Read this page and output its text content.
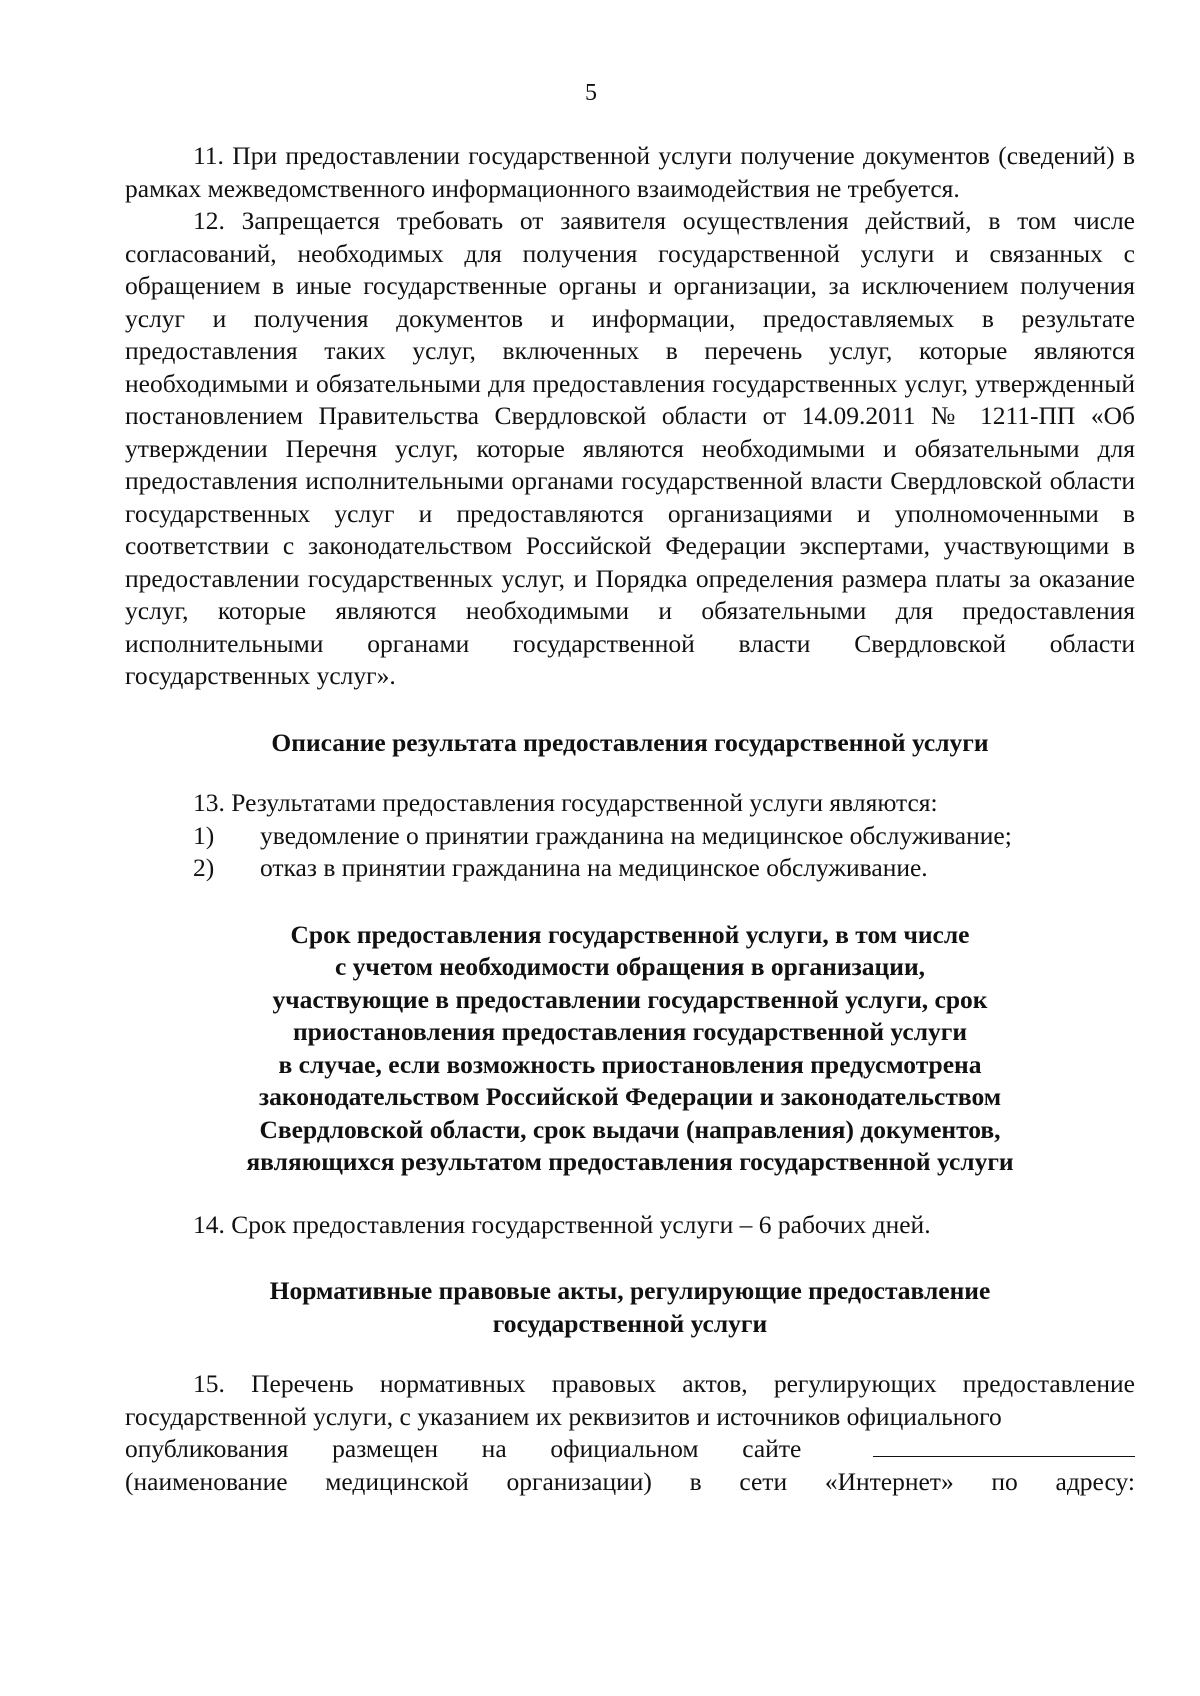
5

11. При предоставлении государственной услуги получение документов (сведений) в рамках межведомственного информационного взаимодействия не требуется.

12. Запрещается требовать от заявителя осуществления действий, в том числе согласований, необходимых для получения государственной услуги и связанных с обращением в иные государственные органы и организации, за исключением получения услуг и получения документов и информации, предоставляемых в результате предоставления таких услуг, включенных в перечень услуг, которые являются необходимыми и обязательными для предоставления государственных услуг, утвержденный постановлением Правительства Свердловской области от 14.09.2011 № 1211-ПП «Об утверждении Перечня услуг, которые являются необходимыми и обязательными для предоставления исполнительными органами государственной власти Свердловской области государственных услуг и предоставляются организациями и уполномоченными в соответствии с законодательством Российской Федерации экспертами, участвующими в предоставлении государственных услуг, и Порядка определения размера платы за оказание услуг, которые являются необходимыми и обязательными для предоставления исполнительными органами государственной власти Свердловской области государственных услуг».

Описание результата предоставления государственной услуги
13. Результатами предоставления государственной услуги являются:
1)	уведомление о принятии гражданина на медицинское обслуживание;
2)	отказ в принятии гражданина на медицинское обслуживание.
Срок предоставления государственной услуги, в том числе
с учетом необходимости обращения в организации,
участвующие в предоставлении государственной услуги, срок
приостановления предоставления государственной услуги
в случае, если возможность приостановления предусмотрена
законодательством Российской Федерации и законодательством
Свердловской области, срок выдачи (направления) документов,
являющихся результатом предоставления государственной услуги

14. Срок предоставления государственной услуги – 6 рабочих дней.

Нормативные правовые акты, регулирующие предоставление
государственной услуги

15. Перечень нормативных правовых актов, регулирующих предоставление государственной услуги, с указанием их реквизитов и источников официального

опубликования размещен на официальном сайте
(наименование медицинской организации) в сети «Интернет» по адресу:
